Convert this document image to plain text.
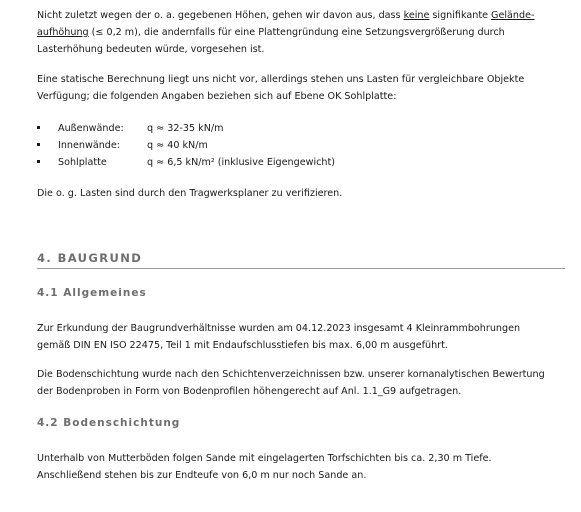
Nicht zuletzt wegen der o. a. gegebenen Höhen, gehen wir davon aus, dass keine signifikante Gelände-
aufhöhung (≤ 0,2 m), die andernfalls für eine Plattengründung eine Setzungsvergrößerung durch
Lasterhöhung bedeuten würde, vorgesehen ist.

Eine statische Berechnung liegt uns nicht vor, allerdings stehen uns Lasten für vergleichbare Objekte
Verfügung; die folgenden Angaben beziehen sich auf Ebene OK Sohlplatte:

Außenwände: q ≈ 32-35 kN/m
Innenwände:	q ≈ 40 kN/m
Sohlplatte	q ≈ 6,5 kN/m² (inklusive Eigengewicht)

Die o. g. Lasten sind durch den Tragwerksplaner zu verifizieren.

4. BAUGRUND
4.1 Allgemeines

Zur Erkundung der Baugrundverhältnisse wurden am 04.12.2023 insgesamt 4 Kleinrammbohrungen
gemäß DIN EN ISO 22475, Teil 1 mit Endaufschlusstiefen bis max. 6,00 m ausgeführt.

Die Bodenschichtung wurde nach den Schichtenverzeichnissen bzw. unserer kornanalytischen Bewertung
der Bodenproben in Form von Bodenprofilen höhengerecht auf Anl. 1.1_G9 aufgetragen.

4.2 Bodenschichtung

Unterhalb von Mutterböden folgen Sande mit eingelagerten Torfschichten bis ca. 2,30 m Tiefe.
Anschließend stehen bis zur Endteufe von 6,0 m nur noch Sande an.
